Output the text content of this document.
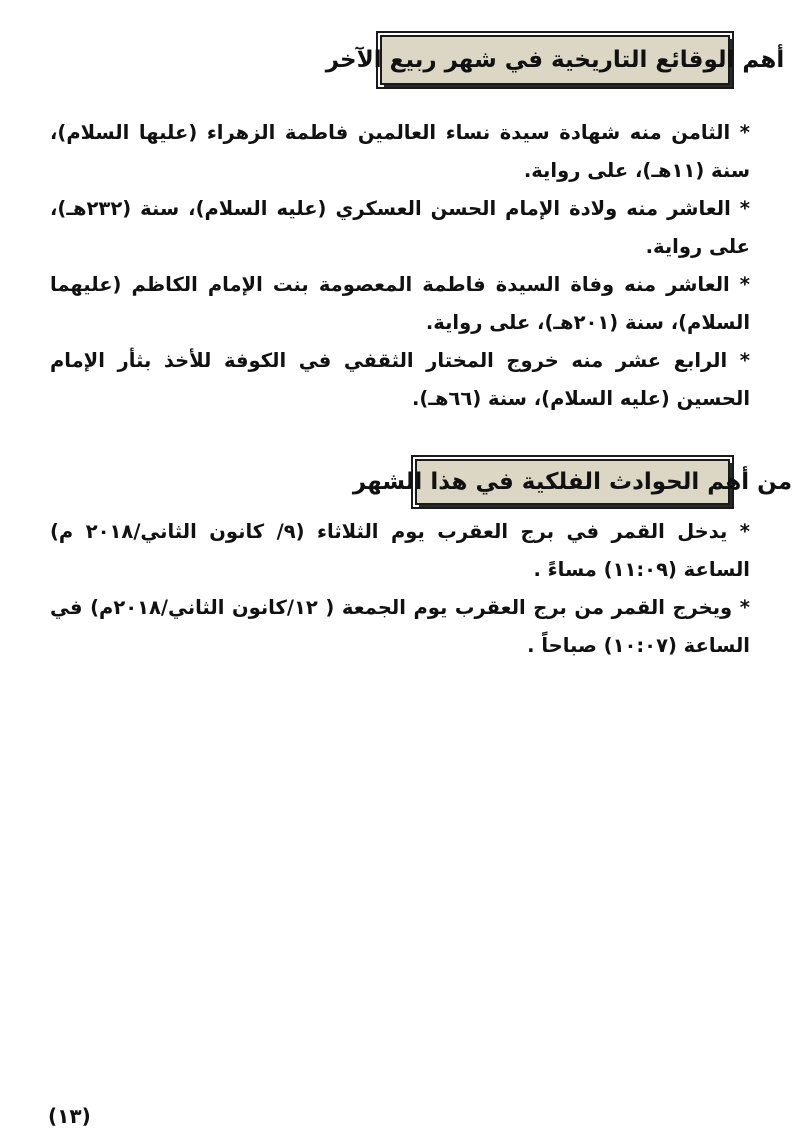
أهم الوقائع التاريخية في شهر ربيع الآخر

* الثامن منه شهادة سيدة نساء العالمين فاطمة الزهراء (عليها السلام)، سنة (١١هـ)، على رواية.

* العاشر منه ولادة الإمام الحسن العسكري (عليه السلام)، سنة (٢٣٢هـ)، على رواية.

* العاشر منه وفاة السيدة فاطمة المعصومة بنت الإمام الكاظم (عليهما السلام)، سنة (٢٠١هـ)، على رواية.

* الرابع عشر منه خروج المختار الثقفي في الكوفة للأخذ بثأر الإمام الحسين (عليه السلام)، سنة (٦٦هـ).

من أهم الحوادث الفلكية في هذا الشهر

* يدخل القمر في برج العقرب يوم الثلاثاء (٩/ كانون الثاني/٢٠١٨ م) الساعة (١١:٠٩) مساءً .

* ويخرج القمر من برج العقرب يوم الجمعة ( ١٢/كانون الثاني/٢٠١٨م) في الساعة (١٠:٠٧) صباحاً .

(١٣)
